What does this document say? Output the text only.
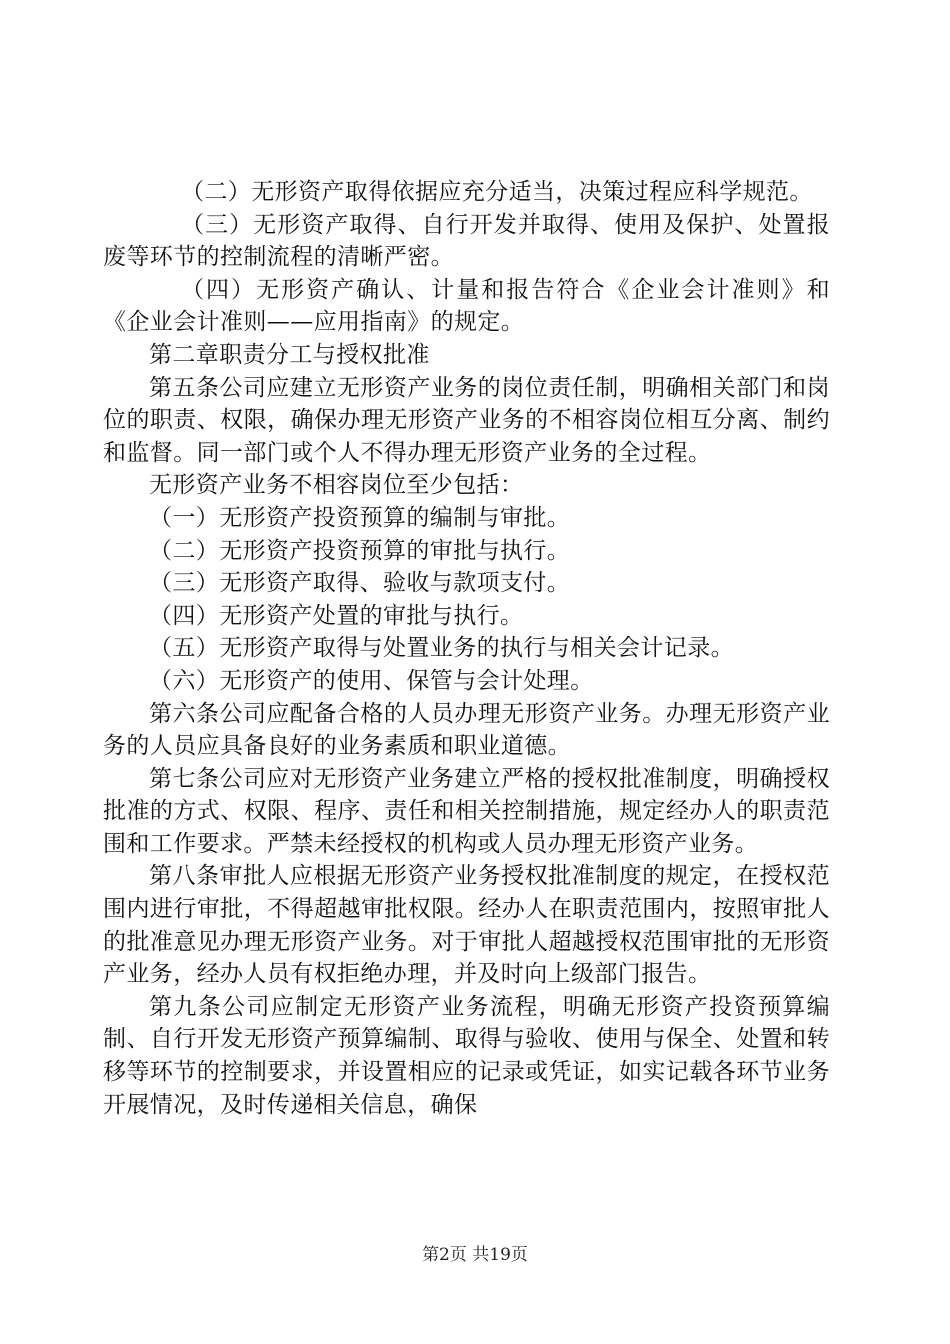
（二）无形资产取得依据应充分适当，决策过程应科学规范。

（三）无形资产取得、自行开发并取得、使用及保护、处置报废等环节的控制流程的清晰严密。

（四）无形资产确认、计量和报告符合《企业会计准则》和《企业会计准则——应用指南》的规定。

第二章职责分工与授权批准

第五条公司应建立无形资产业务的岗位责任制，明确相关部门和岗位的职责、权限，确保办理无形资产业务的不相容岗位相互分离、制约和监督。同一部门或个人不得办理无形资产业务的全过程。

无形资产业务不相容岗位至少包括：

（一）无形资产投资预算的编制与审批。

（二）无形资产投资预算的审批与执行。

（三）无形资产取得、验收与款项支付。

（四）无形资产处置的审批与执行。

（五）无形资产取得与处置业务的执行与相关会计记录。

（六）无形资产的使用、保管与会计处理。

第六条公司应配备合格的人员办理无形资产业务。办理无形资产业务的人员应具备良好的业务素质和职业道德。

第七条公司应对无形资产业务建立严格的授权批准制度，明确授权批准的方式、权限、程序、责任和相关控制措施，规定经办人的职责范围和工作要求。严禁未经授权的机构或人员办理无形资产业务。

第八条审批人应根据无形资产业务授权批准制度的规定，在授权范围内进行审批，不得超越审批权限。经办人在职责范围内，按照审批人的批准意见办理无形资产业务。对于审批人超越授权范围审批的无形资产业务，经办人员有权拒绝办理，并及时向上级部门报告。

第九条公司应制定无形资产业务流程，明确无形资产投资预算编制、自行开发无形资产预算编制、取得与验收、使用与保全、处置和转移等环节的控制要求，并设置相应的记录或凭证，如实记载各环节业务开展情况，及时传递相关信息，确保

第2页 共19页
